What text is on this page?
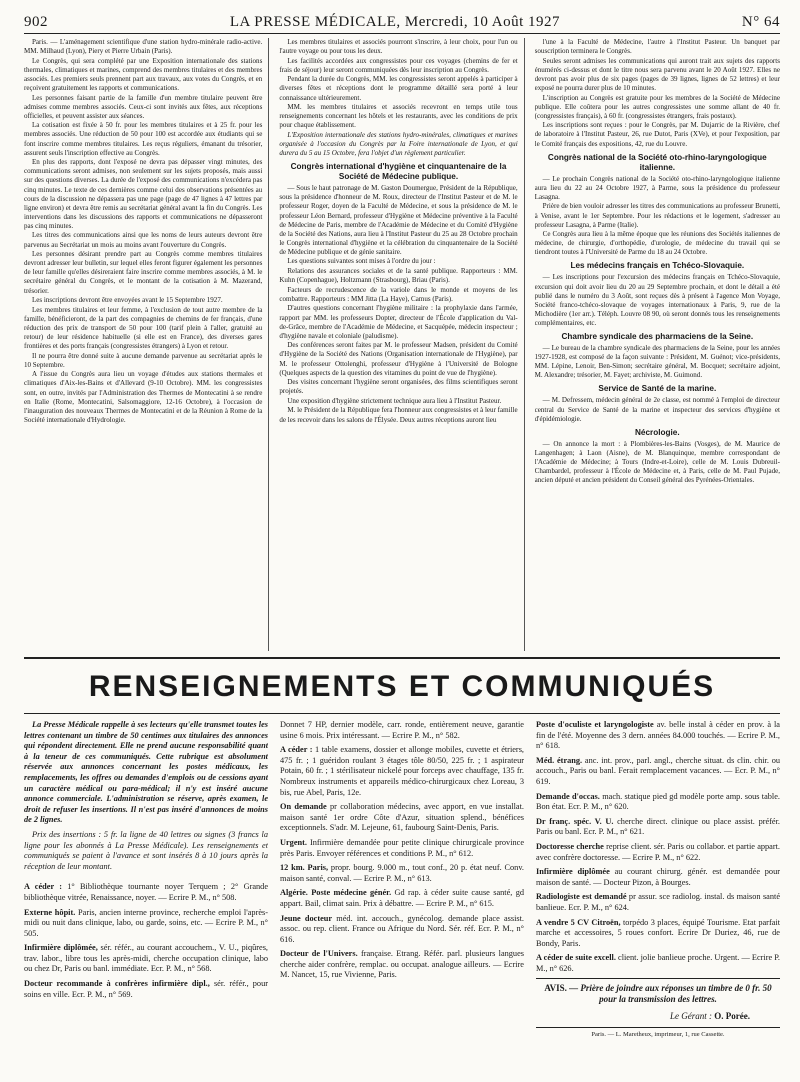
902	LA PRESSE MÉDICALE, Mercredi, 10 Août 1927	N° 64

Paris. — L'aménagement scientifique d'une station hydro-minérale radio-active. MM. Milhaud (Lyon), Piery et Pierre Urbain (Paris).

Le Congrès, qui sera complété par une Exposition internationale des stations thermales, climatiques et marines, comprend des membres titulaires et des membres associés. Les premiers seuls prennent part aux travaux, aux votes du Congrès, et en reçoivent gratuitement les rapports et communications.

Les personnes faisant partie de la famille d'un membre titulaire peuvent être admises comme membres associés. Ceux-ci sont invités aux fêtes, aux réceptions officielles, et peuvent assister aux séances.

La cotisation est fixée à 50 fr. pour les membres titulaires et à 25 fr. pour les membres associés. Une réduction de 50 pour 100 est accordée aux étudiants qui se font inscrire comme membres titulaires. Les reçus réguliers, émanant du trésorier, assurent seuls l'inscription effective au Congrès.

En plus des rapports, dont l'exposé ne devra pas dépasser vingt minutes, des communications seront admises, non seulement sur les sujets proposés, mais aussi sur des questions diverses. La durée de l'exposé des communications n'excédera pas cinq minutes. Le texte de ces dernières comme celui des observations présentées au cours de la discussion ne dépassera pas une page (page de 47 lignes à 47 lettres par ligne environ) et devra être remis au secrétariat général avant la fin du Congrès. Les interventions dans les discussions des rapports et communications ne dépasseront pas cinq minutes.

Les titres des communications ainsi que les noms de leurs auteurs devront être parvenus au Secrétariat un mois au moins avant l'ouverture du Congrès.

Les personnes désirant prendre part au Congrès comme membres titulaires devront adresser leur bulletin, sur lequel elles feront figurer également les personnes de leur famille qu'elles désireraient faire inscrire comme membres associés, à M. le secrétaire général du Congrès, et le montant de la cotisation à M. Mazerand, trésorier.

Les inscriptions devront être envoyées avant le 15 Septembre 1927.

Les membres titulaires et leur femme, à l'exclusion de tout autre membre de la famille, bénéficieront, de la part des compagnies de chemins de fer français, d'une réduction des prix de transport de 50 pour 100 (tarif plein à l'aller, gratuité au retour) de leur résidence habituelle (si elle est en France), des diverses gares frontières et des ports français (congressistes étrangers) à Lyon et retour.

Il ne pourra être donné suite à aucune demande parvenue au secrétariat après le 10 Septembre.

A l'issue du Congrès aura lieu un voyage d'études aux stations thermales et climatiques d'Aix-les-Bains et d'Allevard (9-10 Octobre). MM. les congressistes sont, en outre, invités par l'Administration des Thermes de Montecatini à se rendre en Italie (Rome, Montecatini, Salsomaggiore, 12-16 Octobre), à l'occasion de l'inauguration des nouveaux Thermes de Montecatini et de la Réunion à Rome de la Société internationale d'Hydrologie.

Les membres titulaires et associés pourront s'inscrire, à leur choix, pour l'un ou l'autre voyage ou pour tous les deux.

Les facilités accordées aux congressistes pour ces voyages (chemins de fer et frais de séjour) leur seront communiquées dès leur inscription au Congrès.

Pendant la durée du Congrès, MM. les congressistes seront appelés à participer à diverses fêtes et réceptions dont le programme détaillé sera porté à leur connaissance ultérieurement.

MM. les membres titulaires et associés recevront en temps utile tous renseignements concernant les hôtels et les restaurants, avec les conditions de prix pour chaque établissement.

L'Exposition internationale des stations hydro-minérales, climatiques et marines organisée à l'occasion du Congrès par la Foire internationale de Lyon, et qui durera du 5 au 15 Octobre, fera l'objet d'un règlement particulier.

Congrès international d'hygiène et cinquantenaire de la Société de Médecine publique.

— Sous le haut patronage de M. Gaston Doumergue, Président de la République, sous la présidence d'honneur de M. Roux, directeur de l'Institut Pasteur et de M. le professeur Roger, doyen de la Faculté de Médecine, et sous la présidence de M. le professeur Léon Bernard, professeur d'Hygiène et Médecine préventive à la Faculté de Médecine de Paris, membre de l'Académie de Médecine et du Comité d'Hygiène de la Société des Nations, aura lieu à l'Institut Pasteur du 25 au 28 Octobre prochain le Congrès international d'hygiène et la célébration du cinquantenaire de la Société de Médecine publique et de génie sanitaire.

Les questions suivantes sont mises à l'ordre du jour :

Relations des assurances sociales et de la santé publique. Rapporteurs : MM. Kuhn (Copenhague), Holtzmann (Strasbourg), Briau (Paris).

Facteurs de recrudescence de la variole dans le monde et moyens de les combattre. Rapporteurs : MM Jitta (La Haye), Camus (Paris).

D'autres questions concernant l'hygiène militaire : la prophylaxie dans l'armée, rapport par MM. les professeurs Dopter, directeur de l'École d'application du Val-de-Grâce, membre de l'Académie de Médecine, et Sacquépée, médecin inspecteur ; d'hygiène navale et coloniale (paludisme).

Des conférences seront faites par M. le professeur Madsen, président du Comité d'Hygiène de la Société des Nations (Organisation internationale de l'Hygiène), par M. le professeur Ottolenghi, professeur d'Hygiène à l'Université de Bologne (Quelques aspects de la question des vitamines du point de vue de l'hygiène).

Des visites concernant l'hygiène seront organisées, des films scientifiques seront projetés.

Une exposition d'hygiène strictement technique aura lieu à l'Institut Pasteur.

M. le Président de la République fera l'honneur aux congressistes et à leur famille de les recevoir dans les salons de l'Élysée. Deux autres réceptions auront lieu

l'une à la Faculté de Médecine, l'autre à l'Institut Pasteur. Un banquet par souscription terminera le Congrès.

Seules seront admises les communications qui auront trait aux sujets des rapports énumérés ci-dessus et dont le titre nous sera parvenu avant le 20 Août 1927. Elles ne devront pas avoir plus de six pages (pages de 39 lignes, lignes de 52 lettres) et leur exposé ne pourra durer plus de 10 minutes.

L'inscription au Congrès est gratuite pour les membres de la Société de Médecine publique. Elle coûtera pour les autres congressistes une somme allant de 40 fr. (congressistes français), à 60 fr. (congressistes étrangers, frais postaux).

Les inscriptions sont reçues : pour le Congrès, par M. Dujarric de la Rivière, chef de laboratoire à l'Institut Pasteur, 26, rue Dutot, Paris (XVe), et pour l'exposition, par le Comité français des expositions, 42, rue du Louvre.

Congrès national de la Société oto-rhino-laryngologique italienne.

— Le prochain Congrès national de la Société oto-rhino-laryngologique italienne aura lieu du 22 au 24 Octobre 1927, à Parme, sous la présidence du professeur Lasagna.

Prière de bien vouloir adresser les titres des communications au professeur Brunetti, à Venise, avant le 1er Septembre. Pour les rédactions et le logement, s'adresser au professeur Lasagna, à Parme (Italie).

Ce Congrès aura lieu à la même époque que les réunions des Sociétés italiennes de médecine, de chirurgie, d'orthopédie, d'urologie, de médecine du travail qui se tiendront toutes à l'Université de Parme du 18 au 24 Octobre.

Les médecins français en Tchéco-Slovaquie.

— Les inscriptions pour l'excursion des médecins français en Tchéco-Slovaquie, excursion qui doit avoir lieu du 20 au 29 Septembre prochain, et dont le détail a été publié dans le numéro du 3 Août, sont reçues dès à présent à l'agence Mon Voyage, Société franco-tchéco-slovaque de voyages internationaux à Paris, 9, rue de la Michodière (1er arr.). Téléph. Louvre 08 90, où seront donnés tous les renseignements complémentaires, etc.

Chambre syndicale des pharmaciens de la Seine.

— Le bureau de la chambre syndicale des pharmaciens de la Seine, pour les années 1927-1928, est composé de la façon suivante : Président, M. Guénot; vice-présidents, MM. Lépine, Lenoir, Ben-Simon; secrétaire général, M. Bocquet; secrétaire adjoint, M. Alexandre; trésorier, M. Fayet; archiviste, M. Guimond.

Service de Santé de la marine.

— M. Defressem, médecin général de 2e classe, est nommé à l'emploi de directeur central du Service de Santé de la marine et inspecteur des services d'hygiène et d'épidémiologie.

Nécrologie.

— On annonce la mort : à Plombières-les-Bains (Vosges), de M. Maurice de Langenhagen; à Laon (Aisne), de M. Blanquinque, membre correspondant de l'Académie de Médecine; à Tours (Indre-et-Loire), celle de M. Louis Dubreuil-Chambardel, professeur à l'École de Médecine et, à Paris, celle de M. Paul Pujade, ancien député et ancien président du Conseil général des Pyrénées-Orientales.

RENSEIGNEMENTS ET COMMUNIQUÉS

La Presse Médicale rappelle à ses lecteurs qu'elle transmet toutes les lettres contenant un timbre de 50 centimes aux titulaires des annonces qui répondent directement. Elle ne prend aucune responsabilité quant à la teneur de ces communiqués. Cette rubrique est absolument réservée aux annonces concernant les postes médicaux, les remplacements, les offres ou demandes d'emplois ou de cessions ayant un caractère médical ou para-médical; il n'y est inséré aucune annonce commerciale. L'administration se réserve, après examen, le droit de refuser les insertions. Il n'est pas inséré d'annonces de moins de 2 lignes.

Prix des insertions : 5 fr. la ligne de 40 lettres ou signes (3 francs la ligne pour les abonnés à La Presse Médicale). Les renseignements et communiqués se paient à l'avance et sont insérés 8 à 10 jours après la réception de leur montant.

A céder : 1° Bibliothèque tournante noyer Terquem ; 2° Grande bibliothèque vitrée, Renaissance, noyer. — Ecrire P. M., n° 508.

Externe hôpit. Paris, ancien interne province, recherche emploi l'après-midi ou nuit dans clinique, labo, ou garde, soins, etc. — Ecrire P. M., n° 505.

Infirmière diplômée, sér. référ., au courant accouchem., V. U., piqûres, trav. labor., libre tous les après-midi, cherche occupation clinique, labo ou chez Dr, Paris ou banl. immédiate. Ecr. P. M., n° 568.

Docteur recommande à confrères infirmière dipl., sér. référ., pour soins en ville. Ecr. P. M., n° 569.

Donnet 7 HP, dernier modèle, carr. ronde, entièrement neuve, garantie usine 6 mois. Prix intéressant. — Ecrire P. M., n° 582.

A céder : 1 table examens, dossier et allonge mobiles, cuvette et étriers, 475 fr. ; 1 guéridon roulant 3 étages tôle 80/50, 225 fr. ; 1 aspirateur Potain, 60 fr. ; 1 stérilisateur nickelé pour forceps avec chauffage, 135 fr. Nombreux instruments et appareils médico-chirurgicaux chez Loreau, 3 bis, rue Abel, Paris, 12e.

On demande pr collaboration médecins, avec apport, en vue installat. maison santé 1er ordre Côte d'Azur, situation splend., bénéfices exceptionnels. S'adr. M. Lejeune, 61, faubourg Saint-Denis, Paris.

Urgent. Infirmière demandée pour petite clinique chirurgicale province près Paris. Envoyer références et conditions P. M., n° 612.

12 km. Paris, propr. bourg. 9.000 m., tout conf., 20 p. état neuf. Conv. maison santé, conval. — Ecrire P. M., n° 613.

Algérie. Poste médecine génér. Gd rap. à céder suite cause santé, gd appart. Bail, climat sain. Prix à débattre. — Ecrire P. M., n° 615.

Jeune docteur méd. int. accouch., gynécolog. demande place assist. assoc. ou rep. client. France ou Afrique du Nord. Sér. réf. Ecr. P. M., n° 616.

Docteur de l'Univers. française. Etrang. Référ. parl. plusieurs langues cherche aider confrère, remplac. ou occupat. analogue ailleurs. — Ecrire M. Nancet, 15, rue Vivienne, Paris.

Poste d'oculiste et laryngologiste av. belle instal à céder en prov. à la fin de l'été. Moyenne des 3 dern. années 84.000 touchés. — Ecrire P. M., n° 618.

Méd. étrang. anc. int. prov., parl. angl., cherche situat. ds clin. chir. ou accouch., Paris ou banl. Ferait remplacement vacances. — Ecr. P. M., n° 619.

Demande d'occas. mach. statique pied gd modèle porte amp. sous table. Bon état. Ecr. P. M., n° 620.

Dr franç. spéc. V. U. cherche direct. clinique ou place assist. préfér. Paris ou banl. Ecr. P. M., n° 621.

Doctoresse cherche reprise client. sér. Paris ou collabor. et partie appart. avec confrère doctoresse. — Ecrire P. M., n° 622.

Infirmière diplômée au courant chirurg. génér. est demandée pour maison de santé. — Docteur Pizon, à Bourges.

Radiologiste est demandé pr assur. sce radiolog. instal. ds maison santé banlieue. Ecr. P. M., n° 624.

A vendre 5 CV Citroën, torpédo 3 places, équipé Tourisme. Etat parfait marche et accessoires, 5 roues confort. Ecrire Dr Duriez, 46, rue de Bondy, Paris.

A céder de suite excell. client. jolie banlieue proche. Urgent. — Ecrire P. M., n° 626.

AVIS. — Prière de joindre aux réponses un timbre de 0 fr. 50 pour la transmission des lettres.
Le Gérant : O. Porée.
Paris. — L. Maretheux, imprimeur, 1, rue Cassette.
